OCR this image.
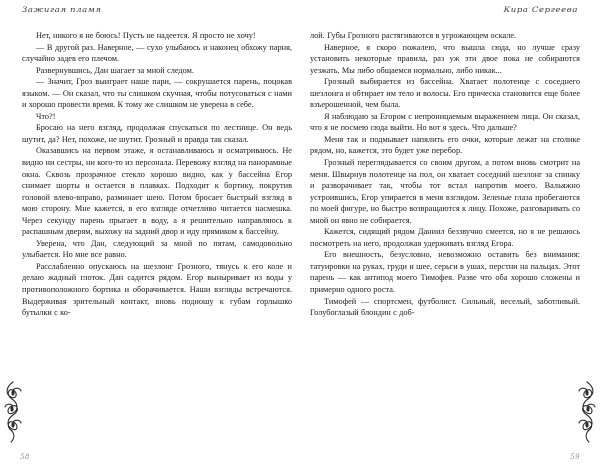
Зажигая пламя	Кира Сергеева

Нет, никого я не боюсь! Пусть не надеется. Я просто не хочу!

— В другой раз. Наверное, — сухо улыбаюсь и наконец обхожу парня, случайно задев его плечом.

Развернувшись, Дан шагает за мной следом.

— Значит, Гроз выиграет наше пари, — сокрушается парень, поцокав языком. — Он сказал, что ты слишком скучная, чтобы потусоваться с нами и хорошо провести время. К тому же слишком не уверена в себе.

Что?!

Бросаю на него взгляд, продолжая спускаться по лестнице. Он ведь шутит, да? Нет, похоже, не шутит. Грозный и правда так сказал.

Оказавшись на первом этаже, я останавливаюсь и осматриваюсь. Не видно ни сестры, ни кого-то из персонала. Перевожу взгляд на панорамные окна. Сквозь прозрачное стекло хорошо видно, как у бассейна Егор снимает шорты и остается в плавках. Подходит к бортику, покрутив головой влево-вправо, разминает шею. Потом бросает быстрый взгляд в мою сторону. Мне кажется, в его взгляде отчетливо читается насмешка. Через секунду парень прыгает в воду, а я решительно направляюсь к распашным дверям, выхожу на задний двор и иду прямиком к бассейну.

Уверена, что Дан, следующий за мной по пятам, самодовольно улыбается. Но мне все равно.

Расслабленно опускаюсь на шезлонг Грозного, тянусь к его коле и делаю жадный глоток. Дан садится рядом. Егор выныривает из воды у противоположного бортика и оборачивается. Наши взгляды встречаются. Выдерживая зрительный контакт, вновь подношу к губам горлышко бутылки с ко-

лой. Губы Грозного растягиваются в угрожающем оскале.

Наверное, я скоро пожалею, что вышла сюда, но лучше сразу установить некоторые правила, раз уж эти двое пока не собираются уезжать. Мы либо общаемся нормально, либо никак...

Грозный выбирается из бассейна. Хватает полотенце с соседнего шезлонга и обтирает им тело и волосы. Его прическа становится еще более взъерошенной, чем была.

Я наблюдаю за Егором с непроницаемым выражением лица. Он сказал, что я не посмею сюда выйти. Но вот я здесь. Что дальше?

Меня так и подмывает напялить его очки, которые лежат на столике рядом, но, кажется, это будет уже перебор.

Грозный переглядывается со своим другом, а потом вновь смотрит на меня. Швырнув полотенце на пол, он хватает соседний шезлонг за спинку и разворачивает так, чтобы тот встал напротив моего. Вальяжно устроившись, Егор упирается в меня взглядом. Зеленые глаза пробегаются по моей фигуре, но быстро возвращаются к лицу. Похоже, разговаривать со мной он явно не собирается.

Кажется, сидящий рядом Даниил беззвучно смеется, но я не решаюсь посмотреть на него, продолжая удерживать взгляд Егора.

Его внешность, безусловно, невозможно оставить без внимания: татуировки на руках, груди и шее, серьги в ушах, перстни на пальцах. Этот парень — как антипод моего Тимофея. Разве что оба хорошо сложены и примерно одного роста.

Тимофей — спортсмен, футболист. Сильный, веселый, заботливый. Голубоглазый блондин с доб-

58	59
